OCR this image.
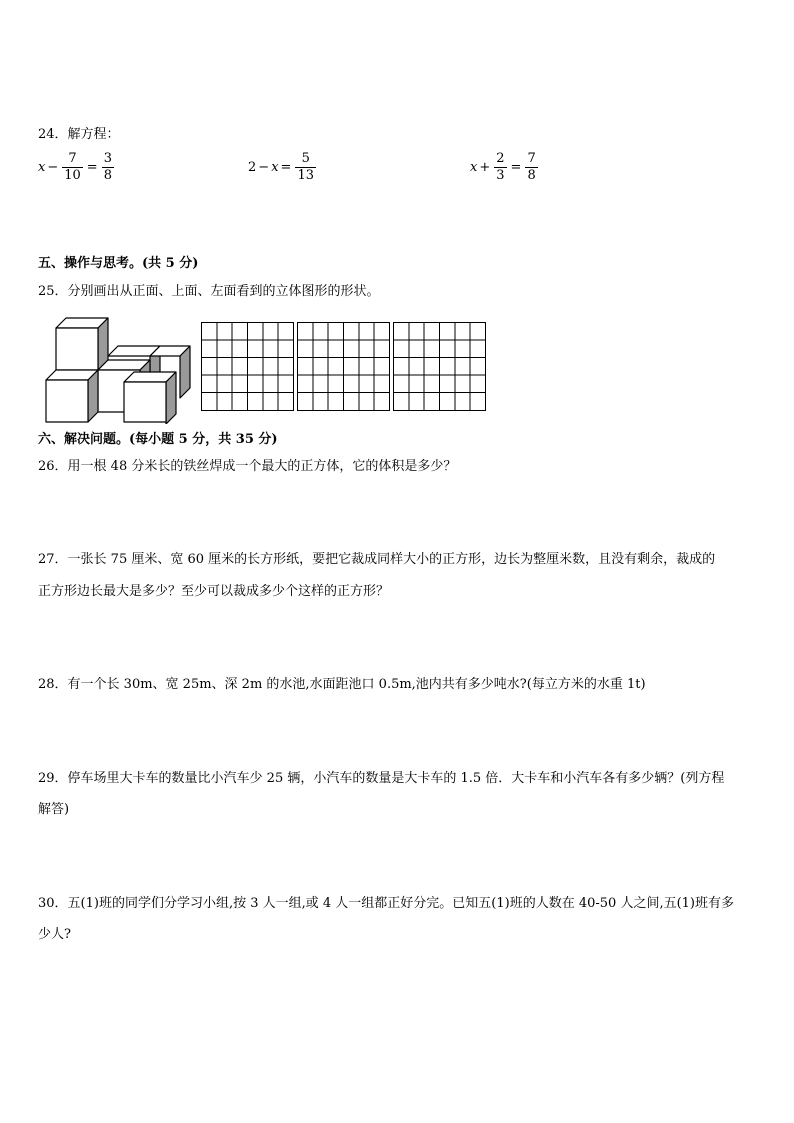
24．解方程：
$x - \frac{7}{10} = \frac{3}{8}$	$2 - x = \frac{5}{13}$	$x + \frac{2}{3} = \frac{7}{8}$
五、操作与思考。(共 5 分)
25．分别画出从正面、上面、左面看到的立体图形的形状。
六、解决问题。(每小题 5 分，共 35 分)
26．用一根 48 分米长的铁丝焊成一个最大的正方体，它的体积是多少？
27．一张长 75 厘米、宽 60 厘米的长方形纸，要把它裁成同样大小的正方形，边长为整厘米数，且没有剩余，裁成的
正方形边长最大是多少？至少可以裁成多少个这样的正方形？
28．有一个长 30m、宽 25m、深 2m 的水池,水面距池口 0.5m,池内共有多少吨水?(每立方米的水重 1t)
29．停车场里大卡车的数量比小汽车少 25 辆，小汽车的数量是大卡车的 1.5 倍．大卡车和小汽车各有多少辆？(列方程
解答)
30．五(1)班的同学们分学习小组,按 3 人一组,或 4 人一组都正好分完。已知五(1)班的人数在 40-50 人之间,五(1)班有多
少人?
